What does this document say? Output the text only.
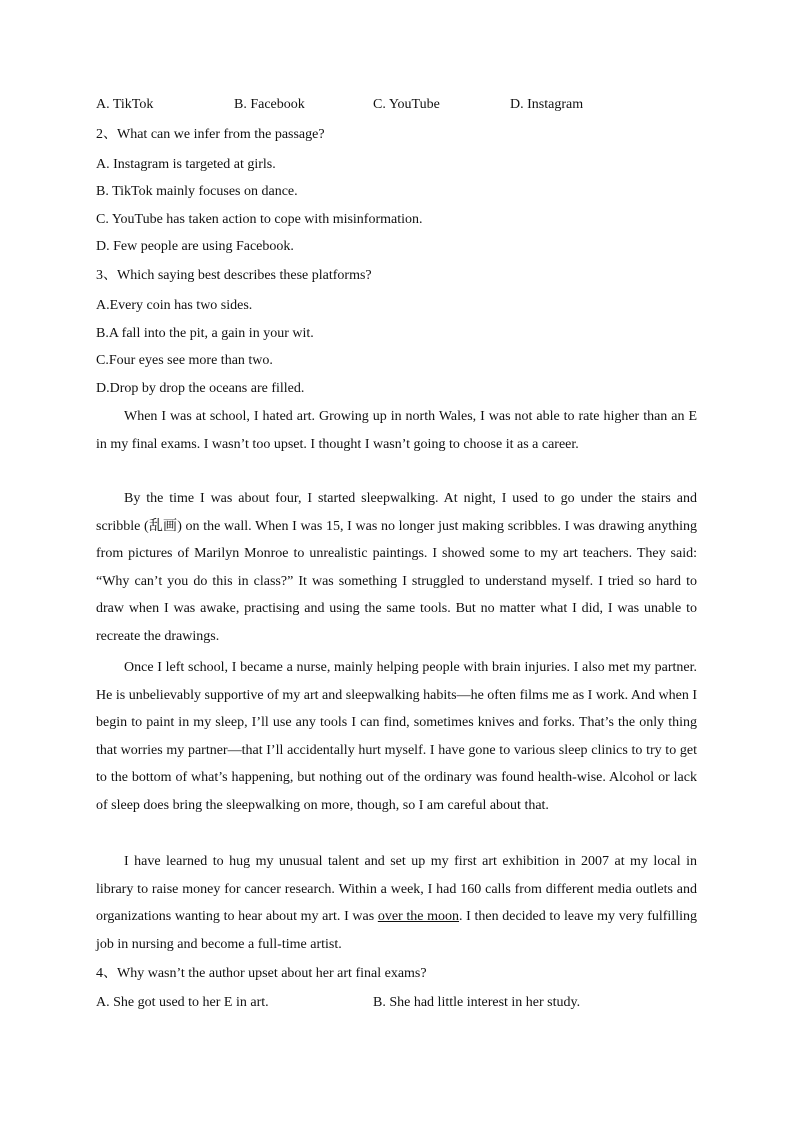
A. TikTok	B. Facebook	C. YouTube	D. Instagram
2、What can we infer from the passage?
A. Instagram is targeted at girls.
B. TikTok mainly focuses on dance.
C. YouTube has taken action to cope with misinformation.
D. Few people are using Facebook.
3、Which saying best describes these platforms?
A.Every coin has two sides.
B.A fall into the pit, a gain in your wit.
C.Four eyes see more than two.
D.Drop by drop the oceans are filled.

When I was at school, I hated art. Growing up in north Wales, I was not able to rate higher than an E in my final exams. I wasn’t too upset. I thought I wasn’t going to choose it as a career.

By the time I was about four, I started sleepwalking. At night, I used to go under the stairs and scribble (乱画) on the wall. When I was 15, I was no longer just making scribbles. I was drawing anything from pictures of Marilyn Monroe to unrealistic paintings. I showed some to my art teachers. They said: “Why can’t you do this in class?” It was something I struggled to understand myself. I tried so hard to draw when I was awake, practising and using the same tools. But no matter what I did, I was unable to recreate the drawings.

Once I left school, I became a nurse, mainly helping people with brain injuries. I also met my partner. He is unbelievably supportive of my art and sleepwalking habits—he often films me as I work. And when I begin to paint in my sleep, I’ll use any tools I can find, sometimes knives and forks. That’s the only thing that worries my partner—that I’ll accidentally hurt myself. I have gone to various sleep clinics to try to get to the bottom of what’s happening, but nothing out of the ordinary was found health-wise. Alcohol or lack of sleep does bring the sleepwalking on more, though, so I am careful about that.

I have learned to hug my unusual talent and set up my first art exhibition in 2007 at my local in library to raise money for cancer research. Within a week, I had 160 calls from different media outlets and organizations wanting to hear about my art. I was over the moon. I then decided to leave my very fulfilling job in nursing and become a full-time artist.

4、Why wasn’t the author upset about her art final exams?
A. She got used to her E in art.	B. She had little interest in her study.
